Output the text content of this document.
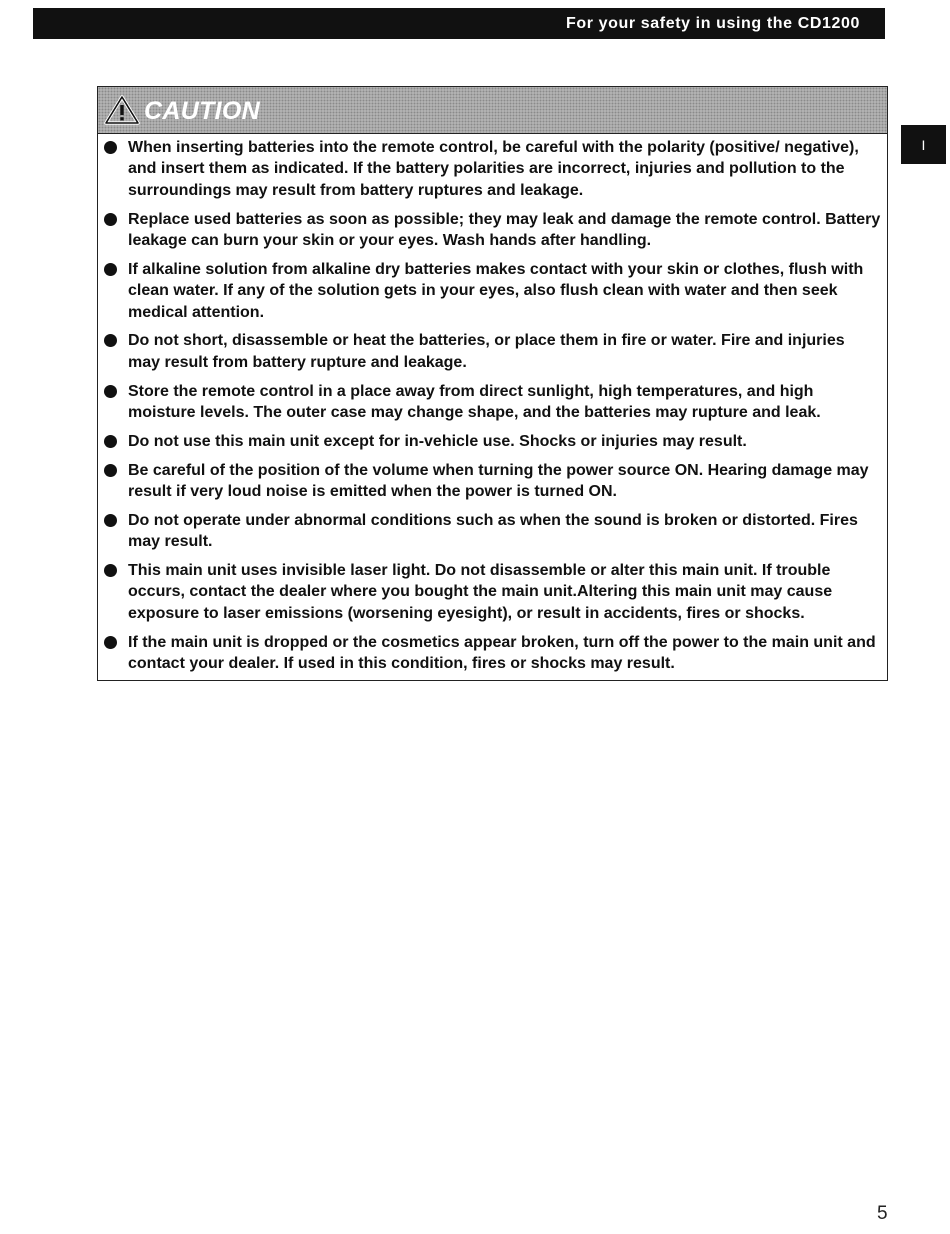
For your safety in using the CD1200
I
CAUTION
When inserting batteries into the remote control, be careful with the polarity (positive/ negative), and insert them as indicated. If the battery polarities are incorrect, injuries and pollution to the surroundings may result from battery ruptures and leakage.
Replace used batteries as soon as possible; they may leak and damage the remote control. Battery leakage can burn your skin or your eyes. Wash hands after handling.
If alkaline solution from alkaline dry batteries makes contact with your skin or clothes, flush with clean water. If any of the solution gets in your eyes, also flush clean with water and then seek medical attention.
Do not short, disassemble or heat the batteries, or place them in fire or water. Fire and injuries may result from battery rupture and leakage.
Store the remote control in a place away from direct sunlight, high temperatures, and high moisture levels. The outer case may change shape, and the batteries may rupture and leak.
Do not use this main unit except for in-vehicle use. Shocks or injuries may result.
Be careful of the position of the volume when turning the power source ON. Hearing damage may result if very loud noise is emitted when the power is turned ON.
Do not operate under abnormal conditions such as when the sound is broken or distorted. Fires may result.
This main unit uses invisible laser light. Do not disassemble or alter this main unit. If trouble occurs, contact the dealer where you bought the main unit.Altering this main unit may cause exposure to laser emissions (worsening eyesight), or result in accidents, fires or shocks.
If the main unit is dropped or the cosmetics appear broken, turn off the power to the main unit and contact your dealer. If used in this condition, fires or shocks may result.
5
